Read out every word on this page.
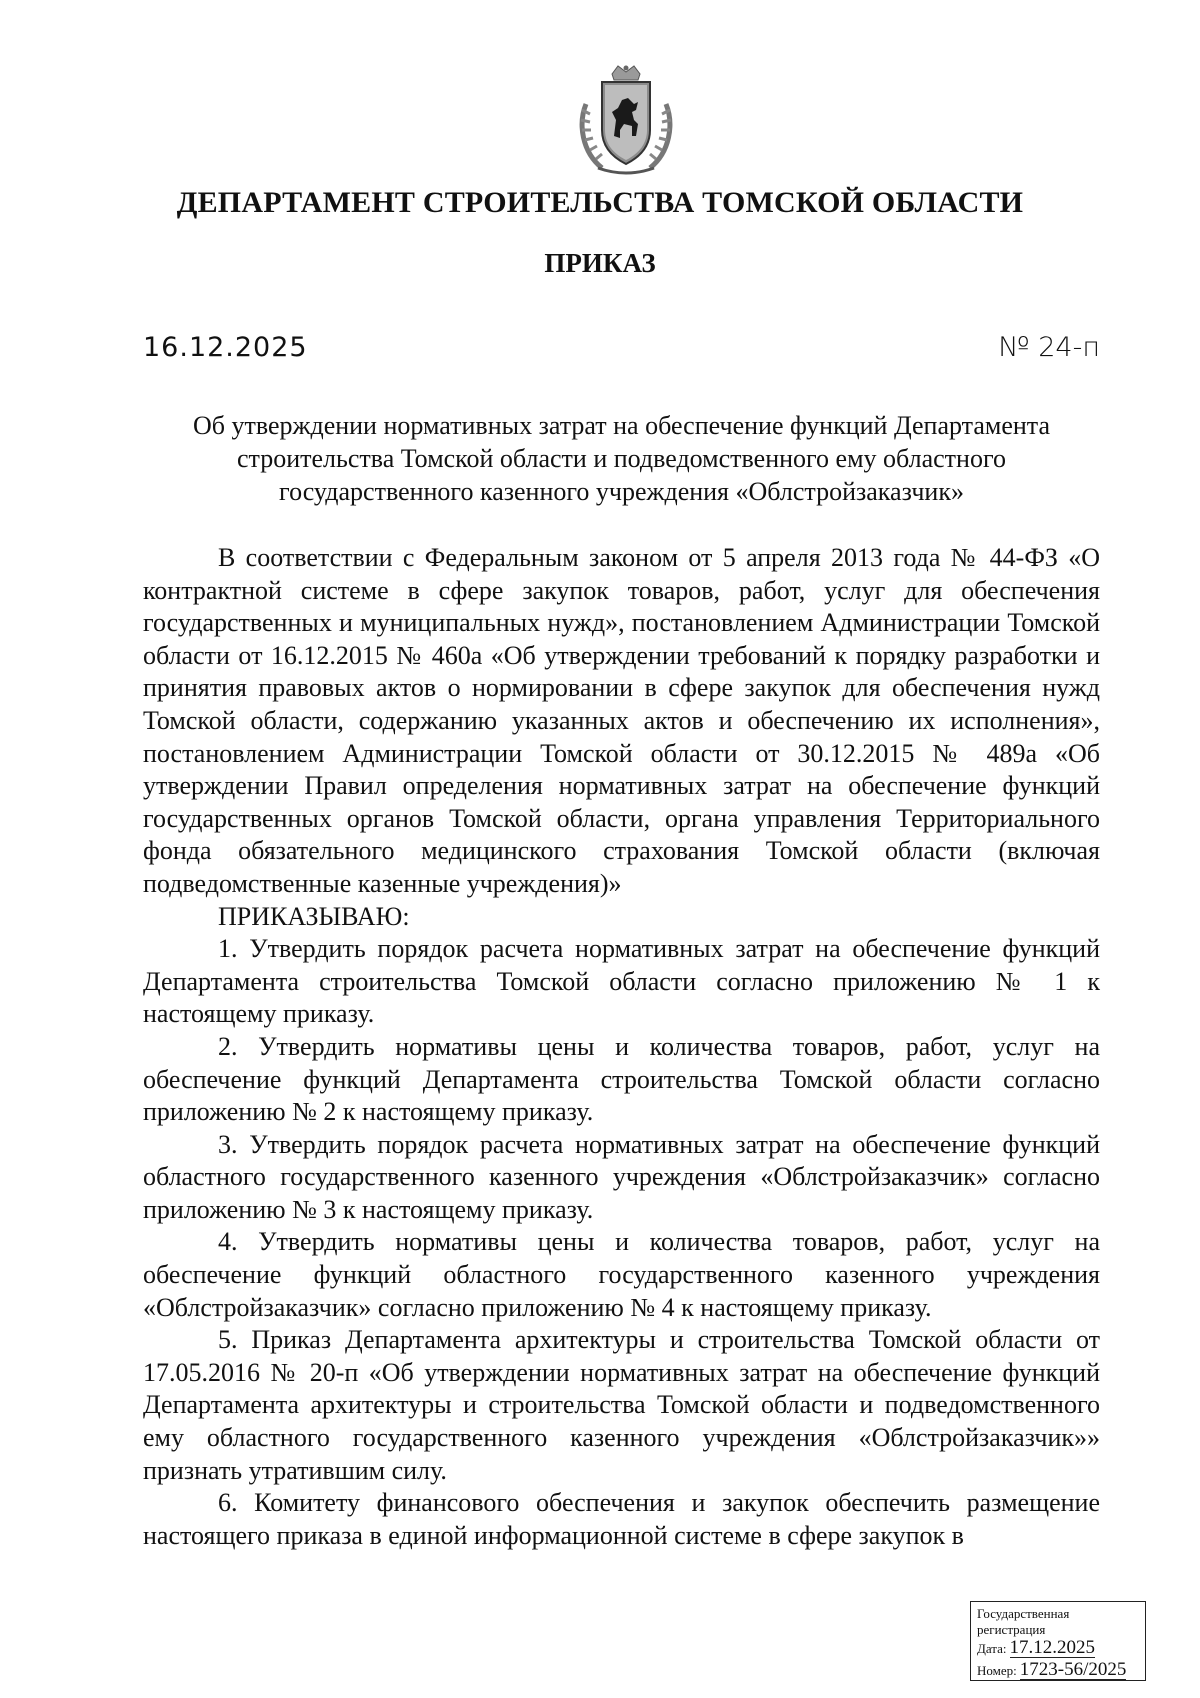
ДЕПАРТАМЕНТ СТРОИТЕЛЬСТВА ТОМСКОЙ ОБЛАСТИ
ПРИКАЗ
16.12.2025	№ 24-п
Об утверждении нормативных затрат на обеспечение функций Департамента
строительства Томской области и подведомственного ему областного
государственного казенного учреждения «Облстройзаказчик»

В соответствии с Федеральным законом от 5 апреля 2013 года № 44-ФЗ «О контрактной системе в сфере закупок товаров, работ, услуг для обеспечения государственных и муниципальных нужд», постановлением Администрации Томской области от 16.12.2015 № 460а «Об утверждении требований к порядку разработки и принятия правовых актов о нормировании в сфере закупок для обеспечения нужд Томской области, содержанию указанных актов и обеспечению их исполнения», постановлением Администрации Томской области от 30.12.2015 № 489а «Об утверждении Правил определения нормативных затрат на обеспечение функций государственных органов Томской области, органа управления Территориального фонда обязательного медицинского страхования Томской области (включая подведомственные казенные учреждения)»

ПРИКАЗЫВАЮ:

1. Утвердить порядок расчета нормативных затрат на обеспечение функций Департамента строительства Томской области согласно приложению № 1 к настоящему приказу.

2. Утвердить нормативы цены и количества товаров, работ, услуг на обеспечение функций Департамента строительства Томской области согласно приложению № 2 к настоящему приказу.

3. Утвердить порядок расчета нормативных затрат на обеспечение функций областного государственного казенного учреждения «Облстройзаказчик» согласно приложению № 3 к настоящему приказу.

4. Утвердить нормативы цены и количества товаров, работ, услуг на обеспечение функций областного государственного казенного учреждения «Облстройзаказчик» согласно приложению № 4 к настоящему приказу.

5. Приказ Департамента архитектуры и строительства Томской области от 17.05.2016 № 20-п «Об утверждении нормативных затрат на обеспечение функций Департамента архитектуры и строительства Томской области и подведомственного ему областного государственного казенного учреждения «Облстройзаказчик»» признать утратившим силу.

6. Комитету финансового обеспечения и закупок обеспечить размещение настоящего приказа в единой информационной системе в сфере закупок в

Государственная регистрация
Дата: 17.12.2025
Номер: 1723-56/2025
